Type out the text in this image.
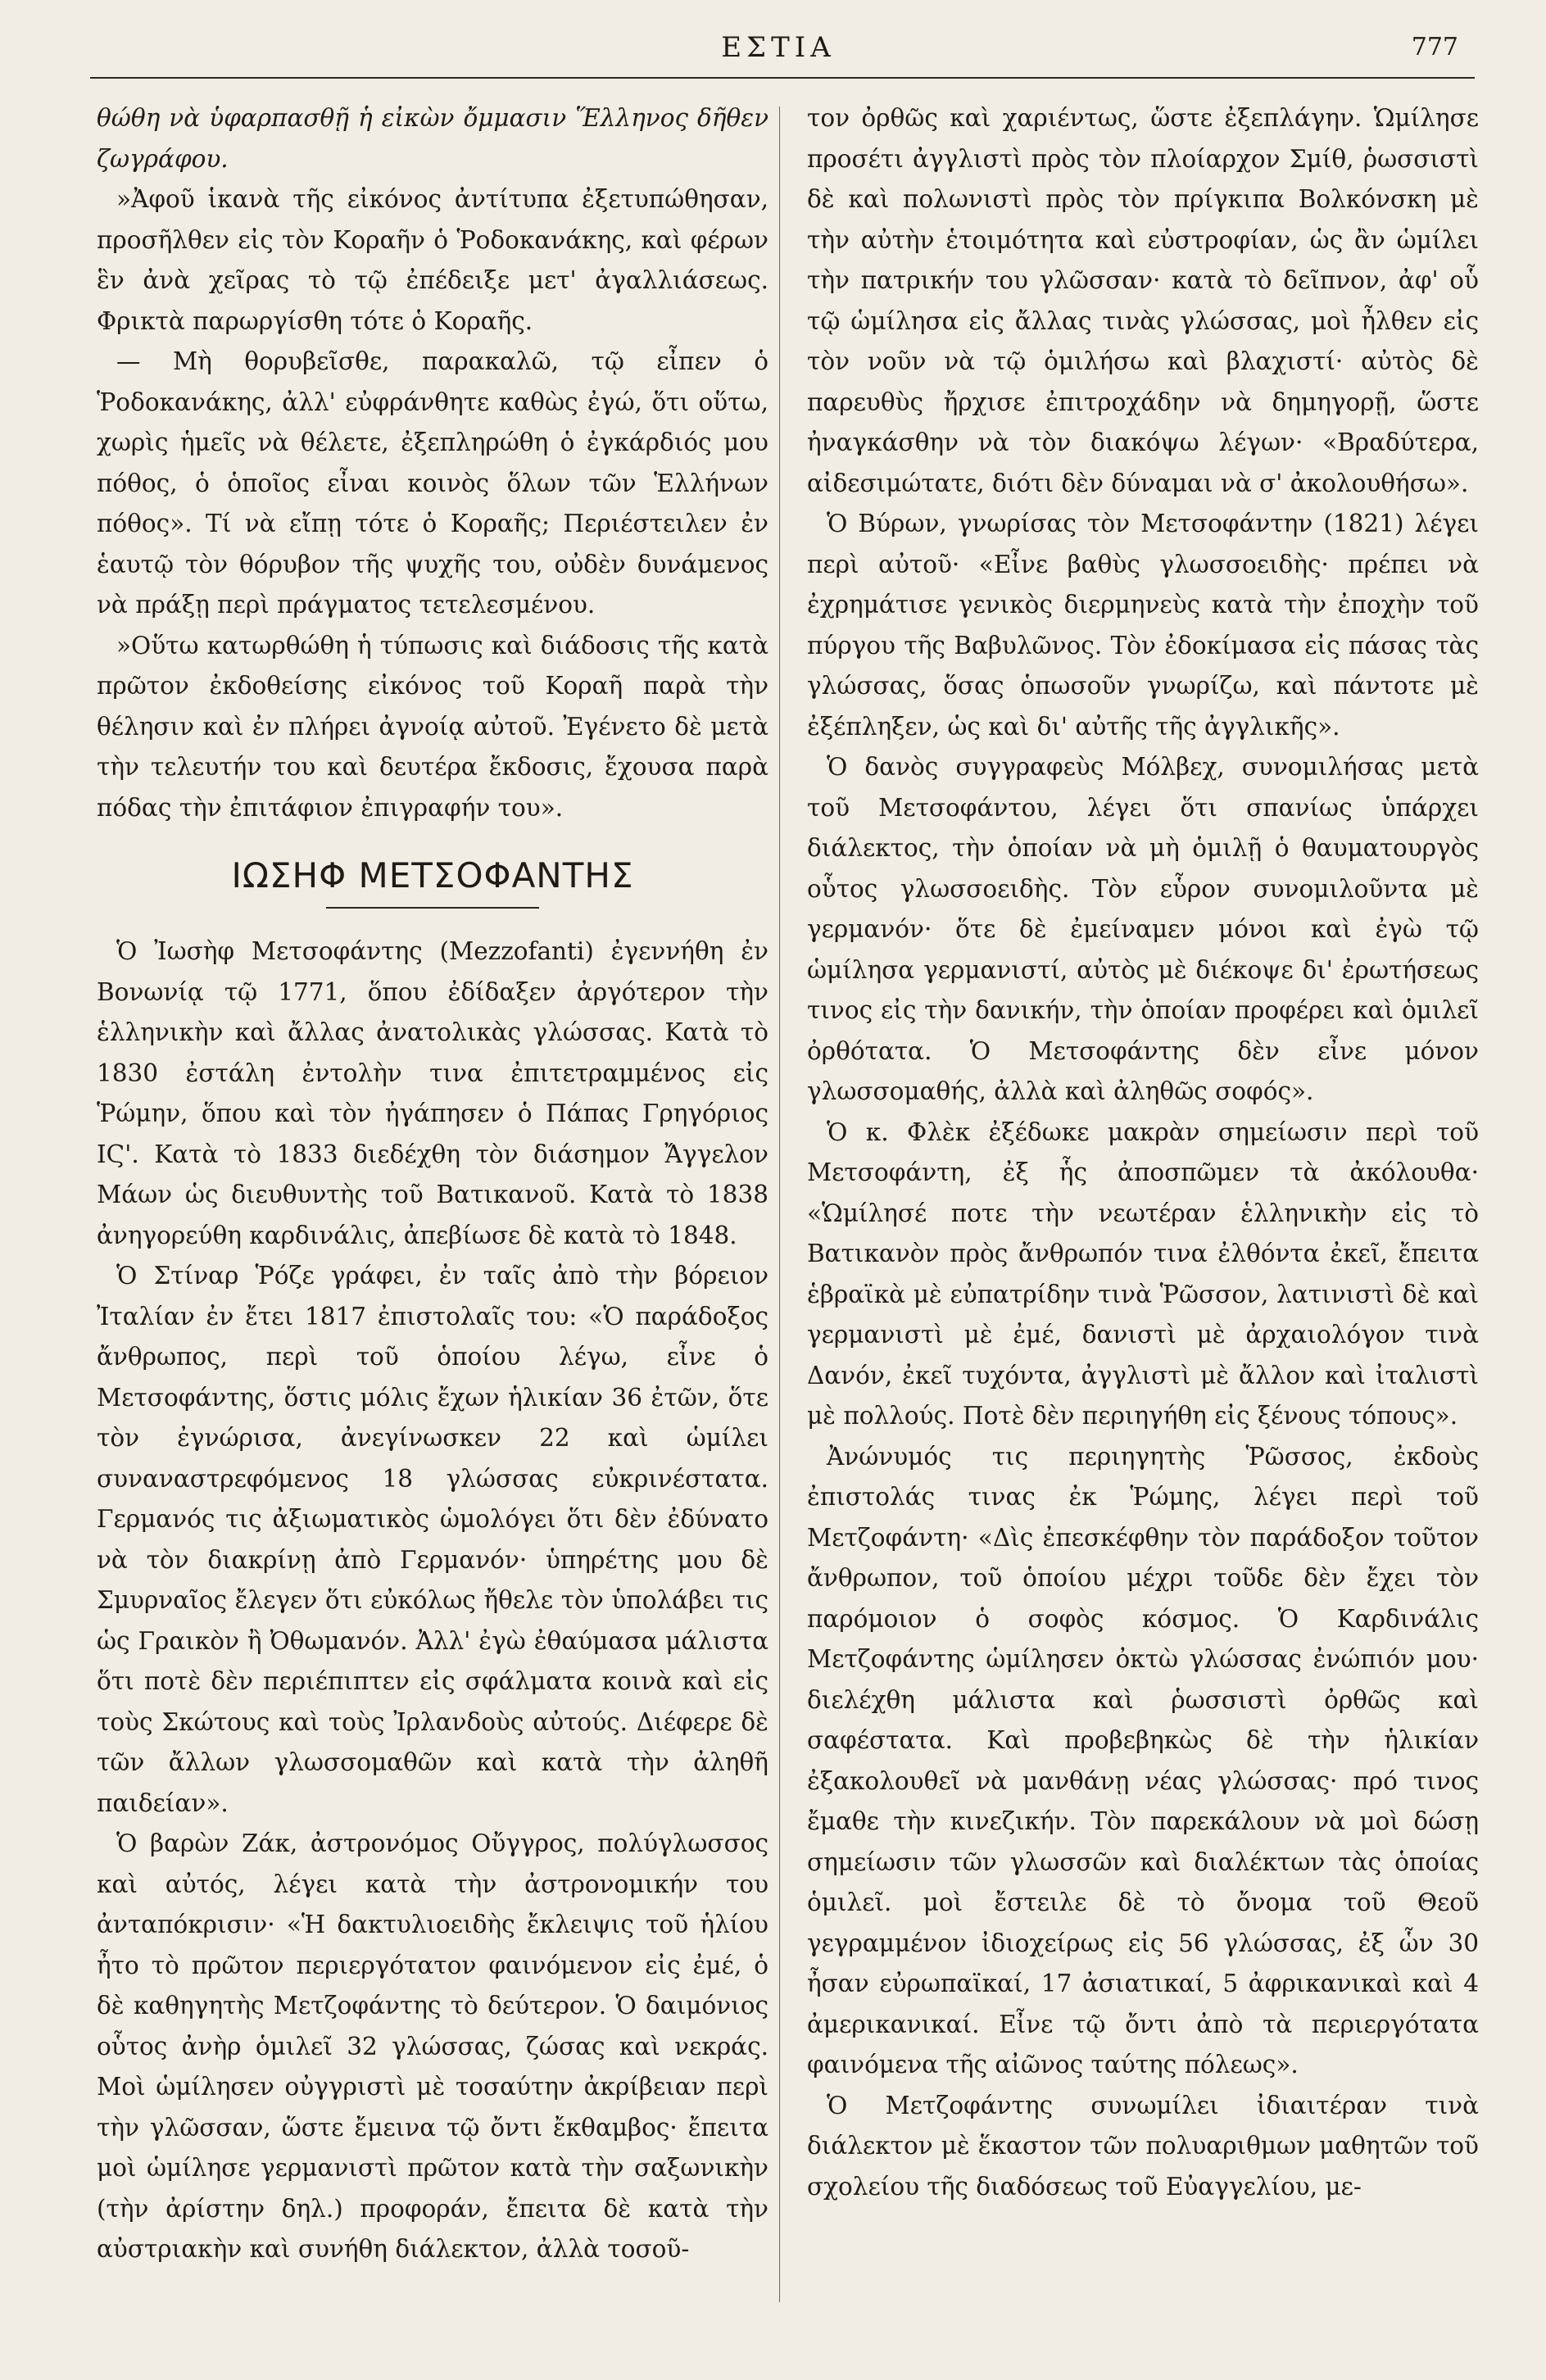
ΕΣΤΙΑ	777

θώθη νὰ ὑφαρπασθῇ ἡ εἰκὼν ὄμμασιν Ἕλληνος δῆθεν ζωγράφου.

»Ἀφοῦ ἱκανὰ τῆς εἰκόνος ἀντίτυπα ἐξετυπώθησαν, προσῆλθεν εἰς τὸν Κοραῆν ὁ Ῥοδοκανάκης, καὶ φέρων ἓν ἀνὰ χεῖρας τὸ τῷ ἐπέδειξε μετ' ἀγαλλιάσεως. Φρικτὰ παρωργίσθη τότε ὁ Κοραῆς.

— Μὴ θορυβεῖσθε, παρακαλῶ, τῷ εἶπεν ὁ Ῥοδοκανάκης, ἀλλ' εὐφράνθητε καθὼς ἐγώ, ὅτι οὕτω, χωρὶς ἡμεῖς νὰ θέλετε, ἐξεπληρώθη ὁ ἐγκάρδιός μου πόθος, ὁ ὁποῖος εἶναι κοινὸς ὅλων τῶν Ἑλλήνων πόθος». Τί νὰ εἴπῃ τότε ὁ Κοραῆς; Περιέστειλεν ἐν ἑαυτῷ τὸν θόρυβον τῆς ψυχῆς του, οὐδὲν δυνάμενος νὰ πράξῃ περὶ πράγματος τετελεσμένου.

»Οὕτω κατωρθώθη ἡ τύπωσις καὶ διάδοσις τῆς κατὰ πρῶτον ἐκδοθείσης εἰκόνος τοῦ Κοραῆ παρὰ τὴν θέλησιν καὶ ἐν πλήρει ἀγνοίᾳ αὐτοῦ. Ἐγένετο δὲ μετὰ τὴν τελευτήν του καὶ δευτέρα ἔκδοσις, ἔχουσα παρὰ πόδας τὴν ἐπιτάφιον ἐπιγραφήν του».

ΙΩΣΗΦ ΜΕΤΣΟΦΑΝΤΗΣ

Ὁ Ἰωσὴφ Μετσοφάντης (Mezzofanti) ἐγεννήθη ἐν Βονωνίᾳ τῷ 1771, ὅπου ἐδίδαξεν ἀργότερον τὴν ἑλληνικὴν καὶ ἄλλας ἀνατολικὰς γλώσσας. Κατὰ τὸ 1830 ἐστάλη ἐντολὴν τινα ἐπιτετραμμένος εἰς Ῥώμην, ὅπου καὶ τὸν ἠγάπησεν ὁ Πάπας Γρηγόριος ΙϚ'. Κατὰ τὸ 1833 διεδέχθη τὸν διάσημον Ἄγγελον Μάων ὡς διευθυντὴς τοῦ Βατικανοῦ. Κατὰ τὸ 1838 ἀνηγορεύθη καρδινάλις, ἀπεβίωσε δὲ κατὰ τὸ 1848.

Ὁ Στίναρ Ῥόζε γράφει, ἐν ταῖς ἀπὸ τὴν βόρειον Ἰταλίαν ἐν ἔτει 1817 ἐπιστολαῖς του: «Ὁ παράδοξος ἄνθρωπος, περὶ τοῦ ὁποίου λέγω, εἶνε ὁ Μετσοφάντης, ὅστις μόλις ἔχων ἡλικίαν 36 ἐτῶν, ὅτε τὸν ἐγνώρισα, ἀνεγίνωσκεν 22 καὶ ὡμίλει συναναστρεφόμενος 18 γλώσσας εὐκρινέστατα. Γερμανός τις ἀξιωματικὸς ὡμολόγει ὅτι δὲν ἐδύνατο νὰ τὸν διακρίνῃ ἀπὸ Γερμανόν· ὑπηρέτης μου δὲ Σμυρναῖος ἔλεγεν ὅτι εὐκόλως ἤθελε τὸν ὑπολάβει τις ὡς Γραικὸν ἢ Ὀθωμανόν. Ἀλλ' ἐγὼ ἐθαύμασα μάλιστα ὅτι ποτὲ δὲν περιέπιπτεν εἰς σφάλματα κοινὰ καὶ εἰς τοὺς Σκώτους καὶ τοὺς Ἰρλανδοὺς αὐτούς. Διέφερε δὲ τῶν ἄλλων γλωσσομαθῶν καὶ κατὰ τὴν ἀληθῆ παιδείαν».

Ὁ βαρὼν Ζάκ, ἀστρονόμος Οὔγγρος, πολύγλωσσος καὶ αὐτός, λέγει κατὰ τὴν ἀστρονομικήν του ἀνταπόκρισιν· «Ἡ δακτυλιοειδὴς ἔκλειψις τοῦ ἡλίου ἦτο τὸ πρῶτον περιεργότατον φαινόμενον εἰς ἐμέ, ὁ δὲ καθηγητὴς Μετζοφάντης τὸ δεύτερον. Ὁ δαιμόνιος οὗτος ἀνὴρ ὁμιλεῖ 32 γλώσσας, ζώσας καὶ νεκράς. Μοὶ ὡμίλησεν οὐγγριστὶ μὲ τοσαύτην ἀκρίβειαν περὶ τὴν γλῶσσαν, ὥστε ἔμεινα τῷ ὄντι ἔκθαμβος· ἔπειτα μοὶ ὡμίλησε γερμανιστὶ πρῶτον κατὰ τὴν σαξωνικὴν (τὴν ἀρίστην δηλ.) προφοράν, ἔπειτα δὲ κατὰ τὴν αὐστριακὴν καὶ συνήθη διάλεκτον, ἀλλὰ τοσοῦ-

τον ὀρθῶς καὶ χαριέντως, ὥστε ἐξεπλάγην. Ὡμίλησε προσέτι ἀγγλιστὶ πρὸς τὸν πλοίαρχον Σμίθ, ῥωσσιστὶ δὲ καὶ πολωνιστὶ πρὸς τὸν πρίγκιπα Βολκόνσκη μὲ τὴν αὐτὴν ἑτοιμότητα καὶ εὐστροφίαν, ὡς ἂν ὡμίλει τὴν πατρικήν του γλῶσσαν· κατὰ τὸ δεῖπνον, ἀφ' οὗ τῷ ὡμίλησα εἰς ἄλλας τινὰς γλώσσας, μοὶ ἦλθεν εἰς τὸν νοῦν νὰ τῷ ὁμιλήσω καὶ βλαχιστί· αὐτὸς δὲ παρευθὺς ἤρχισε ἐπιτροχάδην νὰ δημηγορῇ, ὥστε ἠναγκάσθην νὰ τὸν διακόψω λέγων· «Βραδύτερα, αἰδεσιμώτατε, διότι δὲν δύναμαι νὰ σ' ἀκολουθήσω».

Ὁ Βύρων, γνωρίσας τὸν Μετσοφάντην (1821) λέγει περὶ αὐτοῦ· «Εἶνε βαθὺς γλωσσοειδὴς· πρέπει νὰ ἐχρημάτισε γενικὸς διερμηνεὺς κατὰ τὴν ἐποχὴν τοῦ πύργου τῆς Βαβυλῶνος. Τὸν ἐδοκίμασα εἰς πάσας τὰς γλώσσας, ὅσας ὁπωσοῦν γνωρίζω, καὶ πάντοτε μὲ ἐξέπληξεν, ὡς καὶ δι' αὐτῆς τῆς ἀγγλικῆς».

Ὁ δανὸς συγγραφεὺς Μόλβεχ, συνομιλήσας μετὰ τοῦ Μετσοφάντου, λέγει ὅτι σπανίως ὑπάρχει διάλεκτος, τὴν ὁποίαν νὰ μὴ ὁμιλῇ ὁ θαυματουργὸς οὗτος γλωσσοειδὴς. Τὸν εὗρον συνομιλοῦντα μὲ γερμανόν· ὅτε δὲ ἐμείναμεν μόνοι καὶ ἐγὼ τῷ ὡμίλησα γερμανιστί, αὐτὸς μὲ διέκοψε δι' ἐρωτήσεως τινος εἰς τὴν δανικήν, τὴν ὁποίαν προφέρει καὶ ὁμιλεῖ ὀρθότατα. Ὁ Μετσοφάντης δὲν εἶνε μόνον γλωσσομαθής, ἀλλὰ καὶ ἀληθῶς σοφός».

Ὁ κ. Φλὲκ ἐξέδωκε μακρὰν σημείωσιν περὶ τοῦ Μετσοφάντη, ἐξ ἧς ἀποσπῶμεν τὰ ἀκόλουθα· «Ὡμίλησέ ποτε τὴν νεωτέραν ἑλληνικὴν εἰς τὸ Βατικανὸν πρὸς ἄνθρωπόν τινα ἐλθόντα ἐκεῖ, ἔπειτα ἑβραϊκὰ μὲ εὐπατρίδην τινὰ Ῥῶσσον, λατινιστὶ δὲ καὶ γερμανιστὶ μὲ ἐμέ, δανιστὶ μὲ ἀρχαιολόγον τινὰ Δανόν, ἐκεῖ τυχόντα, ἀγγλιστὶ μὲ ἄλλον καὶ ἰταλιστὶ μὲ πολλούς. Ποτὲ δὲν περιηγήθη εἰς ξένους τόπους».

Ἀνώνυμός τις περιηγητὴς Ῥῶσσος, ἐκδοὺς ἐπιστολάς τινας ἐκ Ῥώμης, λέγει περὶ τοῦ Μετζοφάντη· «Δὶς ἐπεσκέφθην τὸν παράδοξον τοῦτον ἄνθρωπον, τοῦ ὁποίου μέχρι τοῦδε δὲν ἔχει τὸν παρόμοιον ὁ σοφὸς κόσμος. Ὁ Καρδινάλις Μετζοφάντης ὡμίλησεν ὀκτὼ γλώσσας ἐνώπιόν μου· διελέχθη μάλιστα καὶ ῥωσσιστὶ ὀρθῶς καὶ σαφέστατα. Καὶ προβεβηκὼς δὲ τὴν ἡλικίαν ἐξακολουθεῖ νὰ μανθάνῃ νέας γλώσσας· πρό τινος ἔμαθε τὴν κινεζικήν. Τὸν παρεκάλουν νὰ μοὶ δώσῃ σημείωσιν τῶν γλωσσῶν καὶ διαλέκτων τὰς ὁποίας ὁμιλεῖ. μοὶ ἔστειλε δὲ τὸ ὄνομα τοῦ Θεοῦ γεγραμμένον ἰδιοχείρως εἰς 56 γλώσσας, ἐξ ὧν 30 ἦσαν εὐρωπαϊκαί, 17 ἀσιατικαί, 5 ἀφρικανικαὶ καὶ 4 ἀμερικανικαί. Εἶνε τῷ ὄντι ἀπὸ τὰ περιεργότατα φαινόμενα τῆς αἰῶνος ταύτης πόλεως».

Ὁ Μετζοφάντης συνωμίλει ἰδιαιτέραν τινὰ διάλεκτον μὲ ἕκαστον τῶν πολυαριθμων μαθητῶν τοῦ σχολείου τῆς διαδόσεως τοῦ Εὐαγγελίου, με-
